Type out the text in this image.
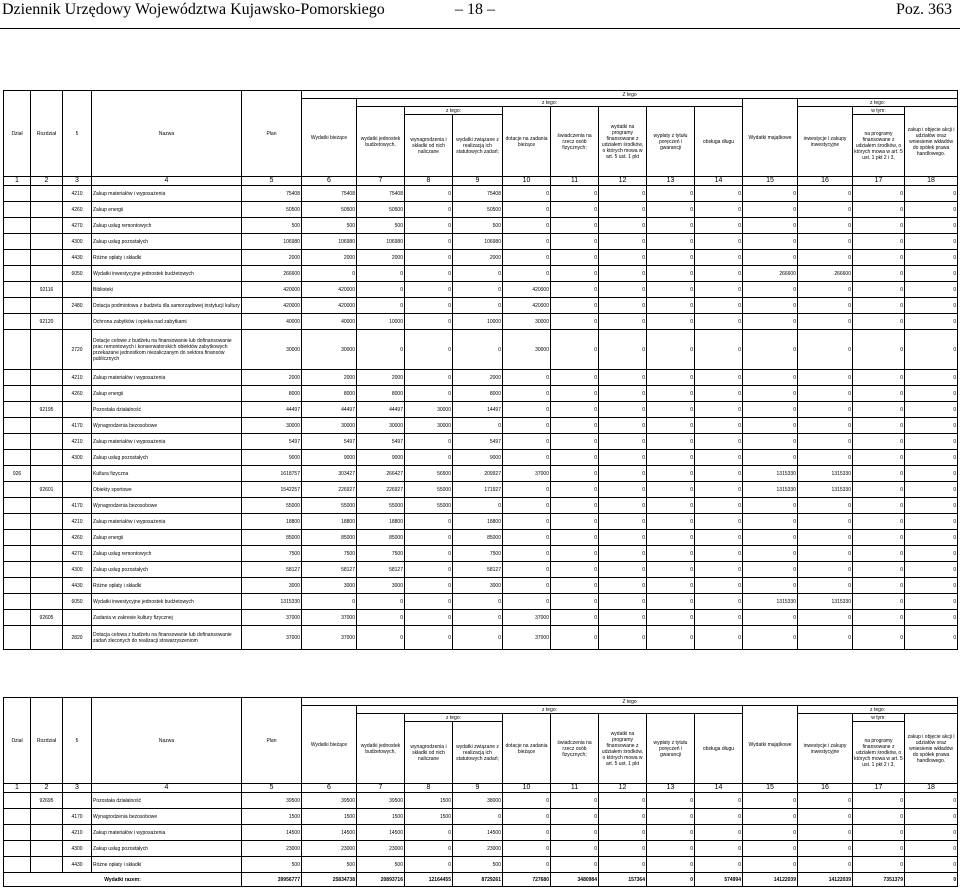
Dziennik Urzędowy Województwa Kujawsko-Pomorskiego	– 18 –	Poz. 363
Dział	Rozdział	5	Nazwa	Plan	Z tego												
					Wydatki bieżące	z tego:								Wydatki majątkowe	z tego:		
						wydatki jednostek budżetowych,	z tego:		dotacje na zadania bieżące	świadczenia na rzecz osób fizycznych;	wydatki na programy finansowane z udziałem środków, o których mowa w art. 5 ust. 1 pkt	wypłaty z tytułu poręczeń i gwarancji	obsługa długu		inwestycje i zakupy inwestycyjne	w tym:	zakup i objęcie akcji i udziałów oraz wniesienie wkładów do spółek prawa handlowego.
							wynagrodzenia i składki od nich naliczane	wydatki związane z realizacją ich statutowych zadań;								na programy finansowane z udziałem środków, o których mowa w art. 5 ust. 1 pkt 2 i 3,	
1	2	3	4	5	6	7	8	9	10	11	12	13	14	15	16	17	18
		4210	Zakup materiałów i wyposażenia	75408	75408	75408	0	75408	0	0	0	0	0	0	0	0	0
		4260	Zakup energii	50500	50500	50500	0	50500	0	0	0	0	0	0	0	0	0
		4270	Zakup usług remontowych	500	500	500	0	500	0	0	0	0	0	0	0	0	0
		4300	Zakup usług pozostałych	106980	106980	106980	0	106980	0	0	0	0	0	0	0	0	0
		4430	Różne opłaty i składki	2000	2000	2000	0	2000	0	0	0	0	0	0	0	0	0
		6050	Wydatki inwestycyjne jednostek budżetowych	266600	0	0	0	0	0	0	0	0	0	266600	266600	0	0
	92116		Biblioteki	420000	420000	0	0	0	420000	0	0	0	0	0	0	0	0
		2480	Dotacja podmiotowa z budżetu dla samorządowej instytucji kultury	420000	420000	0	0	0	420000	0	0	0	0	0	0	0	0
	92120		Ochrona zabytków i opieka nad zabytkami	40000	40000	10000	0	10000	30000	0	0	0	0	0	0	0	0
		2720	Dotacje celowe z budżetu na finansowanie lub dofinansowanie prac remontowych i konserwatorskich obiektów zabytkowych przekazane jednostkom niezaliczanym do sektora finansów publicznych	30000	30000	0	0	0	30000	0	0	0	0	0	0	0	0
		4210	Zakup materiałów i wyposażenia	2000	2000	2000	0	2000	0	0	0	0	0	0	0	0	0
		4260	Zakup energii	8000	8000	8000	0	8000	0	0	0	0	0	0	0	0	0
	92195		Pozostała działalność	44497	44497	44497	30000	14497	0	0	0	0	0	0	0	0	0
		4170	Wynagrodzenia bezosobowe	30000	30000	30000	30000	0	0	0	0	0	0	0	0	0	0
		4210	Zakup materiałów i wyposażenia	5497	5497	5497	0	5497	0	0	0	0	0	0	0	0	0
		4300	Zakup usług pozostałych	9000	9000	9000	0	9000	0	0	0	0	0	0	0	0	0
926			Kultura fizyczna	1618757	303427	266427	56500	209927	37000	0	0	0	0	1315330	1315330	0	0
	92601		Obiekty sportowe	1542257	226927	226927	55000	171927	0	0	0	0	0	1315330	1315330	0	0
		4170	Wynagrodzenia bezosobowe	55000	55000	55000	55000	0	0	0	0	0	0	0	0	0	0
		4210	Zakup materiałów i wyposażenia	18800	18800	18800	0	18800	0	0	0	0	0	0	0	0	0
		4260	Zakup energii	85000	85000	85000	0	85000	0	0	0	0	0	0	0	0	0
		4270	Zakup usług remontowych	7500	7500	7500	0	7500	0	0	0	0	0	0	0	0	0
		4300	Zakup usług pozostałych	58127	58127	58127	0	58127	0	0	0	0	0	0	0	0	0
		4430	Różne opłaty i składki	3000	3000	3000	0	3000	0	0	0	0	0	0	0	0	0
		6050	Wydatki inwestycyjne jednostek budżetowych	1315330	0	0	0	0	0	0	0	0	0	1315330	1315330	0	0
	92605		Zadania w zakresie kultury fizycznej	37000	37000	0	0	0	37000	0	0	0	0	0	0	0	0
		2820	Dotacja celowa z budżetu na finansowanie lub dofinansowanie zadań zleconych do realizacji stowarzyszeniom	37000	37000	0	0	0	37000	0	0	0	0	0	0	0	0
Dział	Rozdział	5	Nazwa	Plan	Z tego												
					Wydatki bieżące	z tego:								Wydatki majątkowe	z tego:		
						wydatki jednostek budżetowych,	z tego:		dotacje na zadania bieżące	świadczenia na rzecz osób fizycznych;	wydatki na programy finansowane z udziałem środków, o których mowa w art. 5 ust. 1 pkt	wypłaty z tytułu poręczeń i gwarancji	obsługa długu		inwestycje i zakupy inwestycyjne	w tym:	zakup i objęcie akcji i udziałów oraz wniesienie wkładów do spółek prawa handlowego.
							wynagrodzenia i składki od nich naliczane	wydatki związane z realizacją ich statutowych zadań;								na programy finansowane z udziałem środków, o których mowa w art. 5 ust. 1 pkt 2 i 3,	
1	2	3	4	5	6	7	8	9	10	11	12	13	14	15	16	17	18
	92695		Pozostała działalność	39500	39500	39500	1500	38000	0	0	0	0	0	0	0	0	0
		4170	Wynagrodzenia bezosobowe	1500	1500	1500	1500	0	0	0	0	0	0	0	0	0	0
		4210	Zakup materiałów i wyposażenia	14500	14500	14500	0	14500	0	0	0	0	0	0	0	0	0
		4300	Zakup usług pozostałych	23000	23000	23000	0	23000	0	0	0	0	0	0	0	0	0
		4430	Różne opłaty i składki	500	500	500	0	500	0	0	0	0	0	0	0	0	0
Wydatki razem:				39956777	25834738	20893716	12164455	8729261	727680	3480984	157364	0	574994	14122039	14122039	7351379	0
